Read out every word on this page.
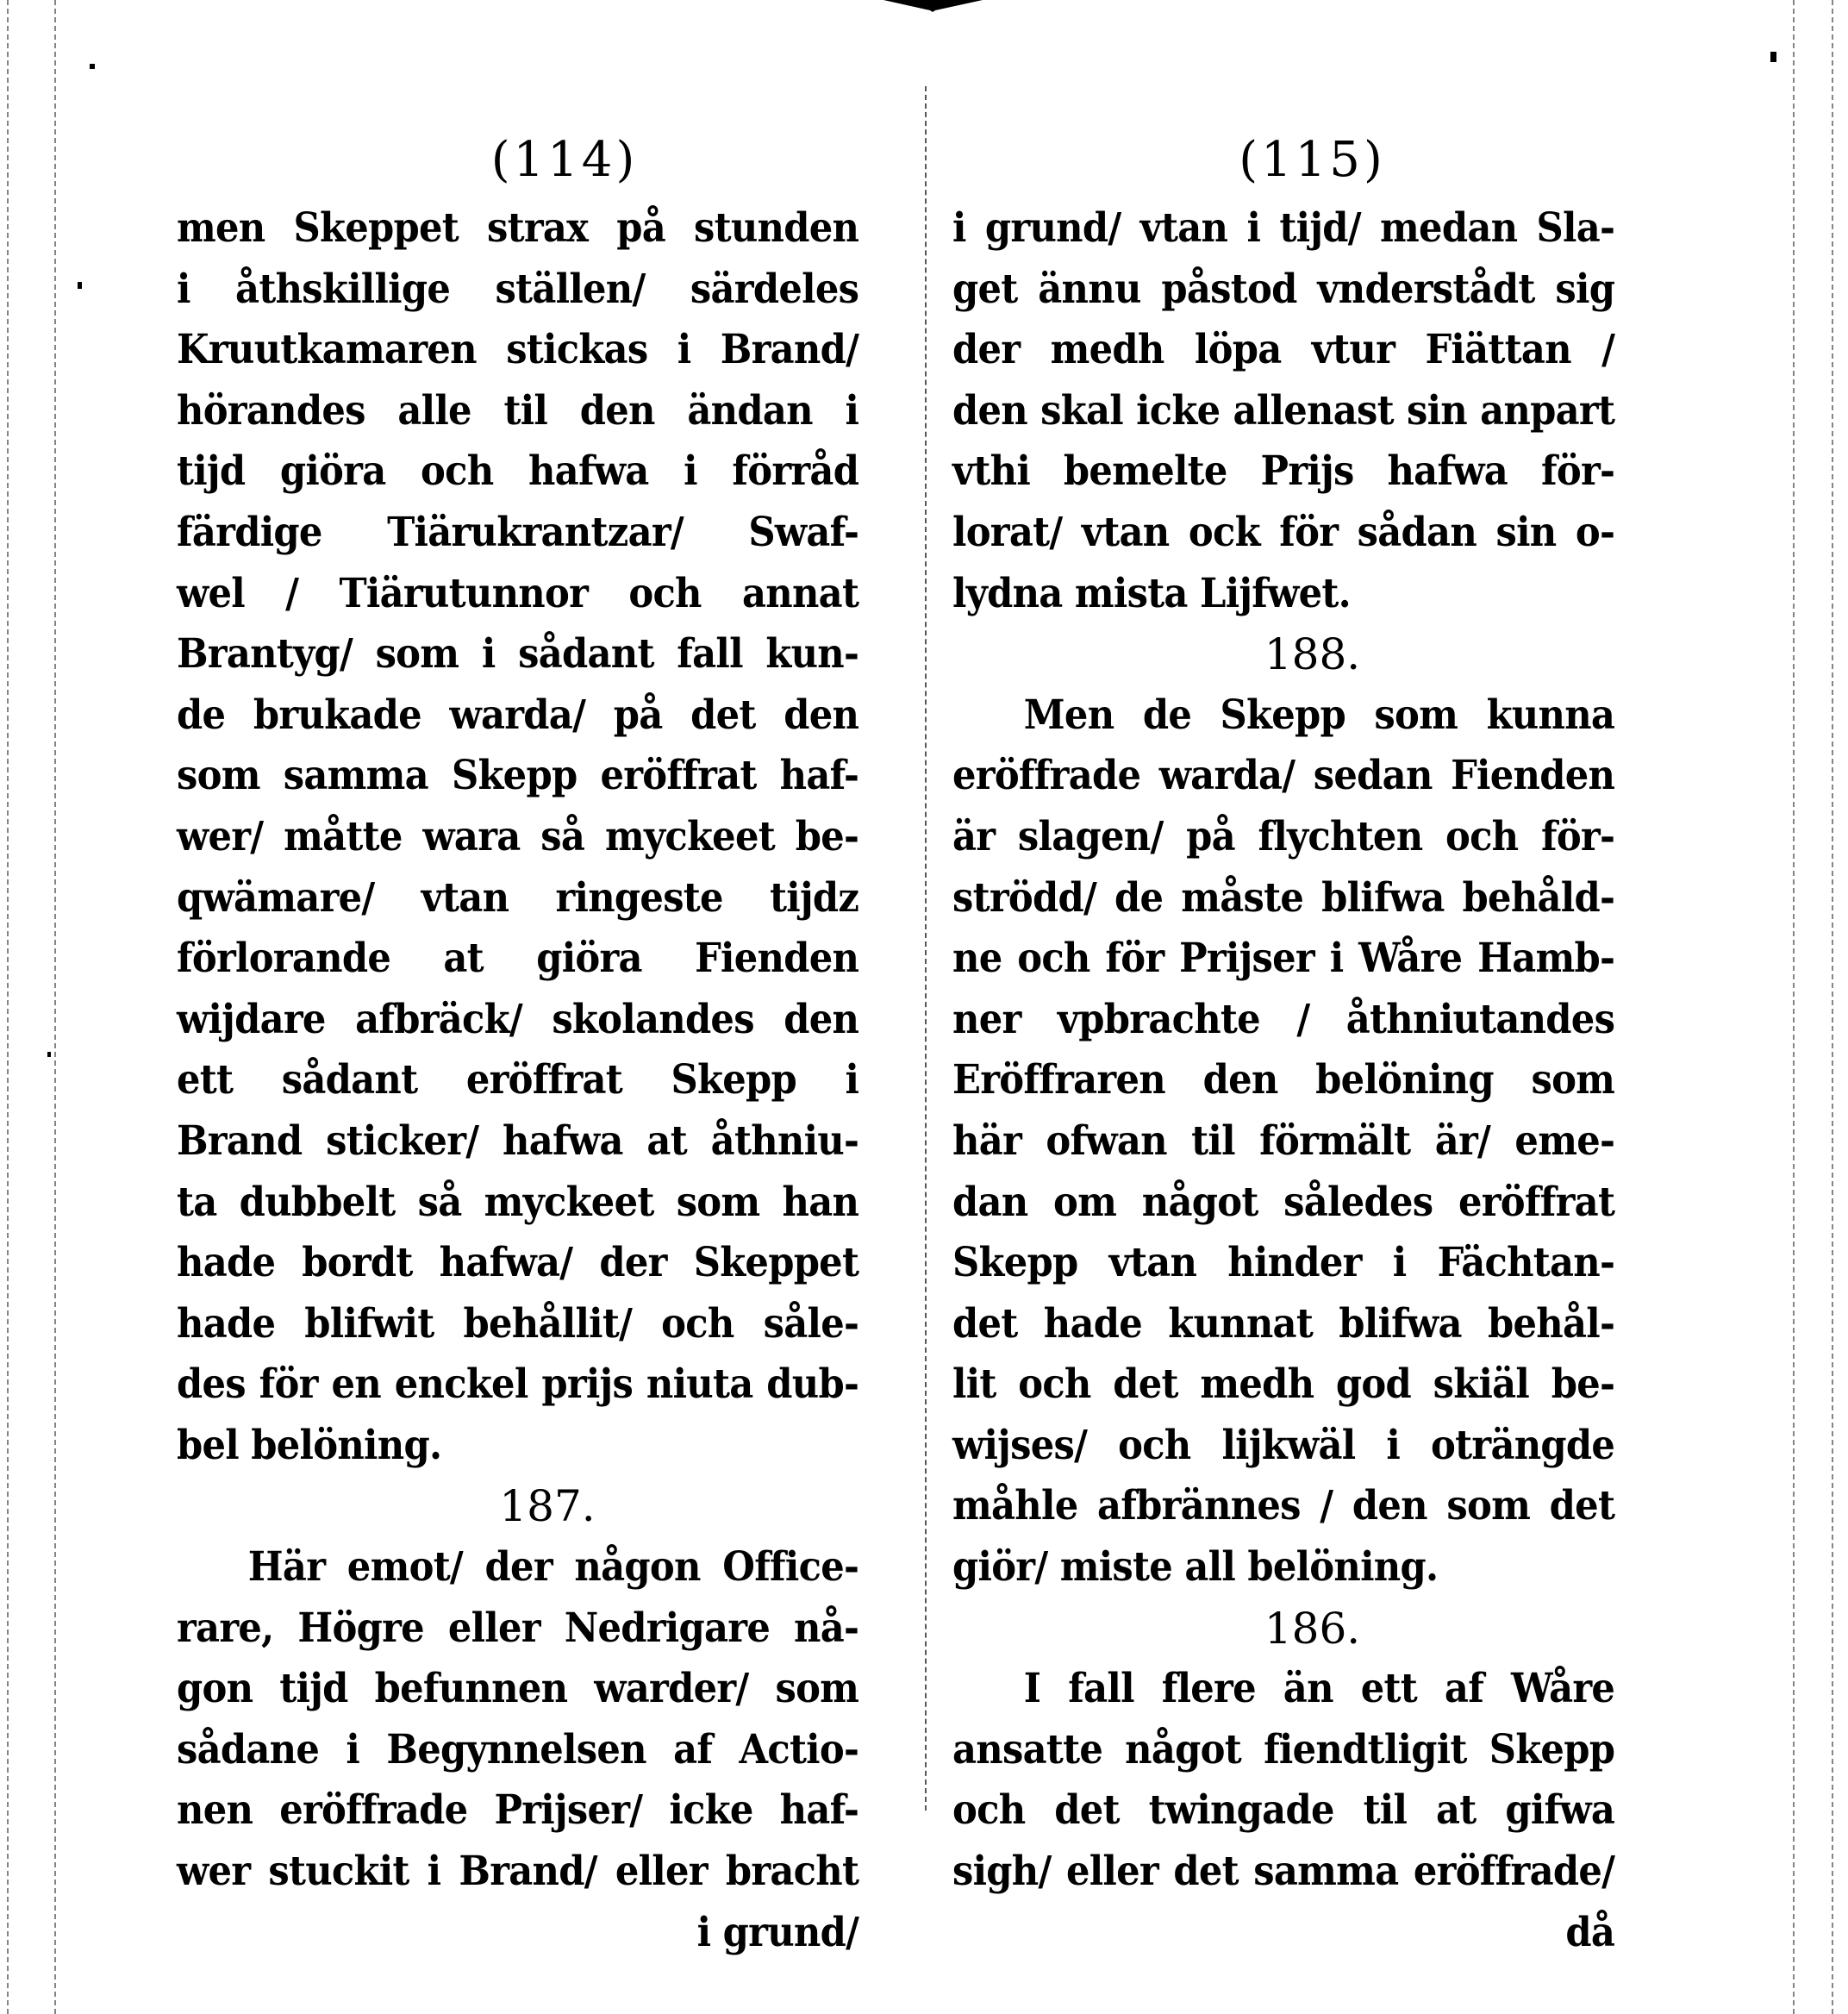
(114)
men Skeppet strax på stunden
i åthskillige ställen/ särdeles
Kruutkamaren stickas i Brand/
hörandes alle til den ändan i
tijd giöra och hafwa i förråd
färdige Tiärukrantzar/ Swaf-
wel / Tiärutunnor och annat
Brantyg/ som i sådant fall kun-
de brukade warda/ på det den
som samma Skepp eröffrat haf-
wer/ måtte wara så myckeet be-
qwämare/ vtan ringeste tijdz
förlorande at giöra Fienden
wijdare afbräck/ skolandes den
ett sådant eröffrat Skepp i
Brand sticker/ hafwa at åthniu-
ta dubbelt så myckeet som han
hade bordt hafwa/ der Skeppet
hade blifwit behållit/ och såle-
des för en enckel prijs niuta dub-
bel belöning.
187.
Här emot/ der någon Office-
rare, Högre eller Nedrigare nå-
gon tijd befunnen warder/ som
sådane i Begynnelsen af Actio-
nen eröffrade Prijser/ icke haf-
wer stuckit i Brand/ eller bracht
i grund/
(115)
i grund/ vtan i tijd/ medan Sla-
get ännu påstod vnderstådt sig
der medh löpa vtur Fiättan /
den skal icke allenast sin anpart
vthi bemelte Prijs hafwa för-
lorat/ vtan ock för sådan sin o-
lydna mista Lijfwet.
188.
Men de Skepp som kunna
eröffrade warda/ sedan Fienden
är slagen/ på flychten och för-
strödd/ de måste blifwa behåld-
ne och för Prijser i Wåre Hamb-
ner vpbrachte / åthniutandes
Eröffraren den belöning som
här ofwan til förmält är/ eme-
dan om något således eröffrat
Skepp vtan hinder i Fächtan-
det hade kunnat blifwa behål-
lit och det medh god skiäl be-
wijses/ och lijkwäl i oträngde
måhle afbrännes / den som det
giör/ miste all belöning.
186.
I fall flere än ett af Wåre
ansatte något fiendtligit Skepp
och det twingade til at gifwa
sigh/ eller det samma eröffrade/
då
